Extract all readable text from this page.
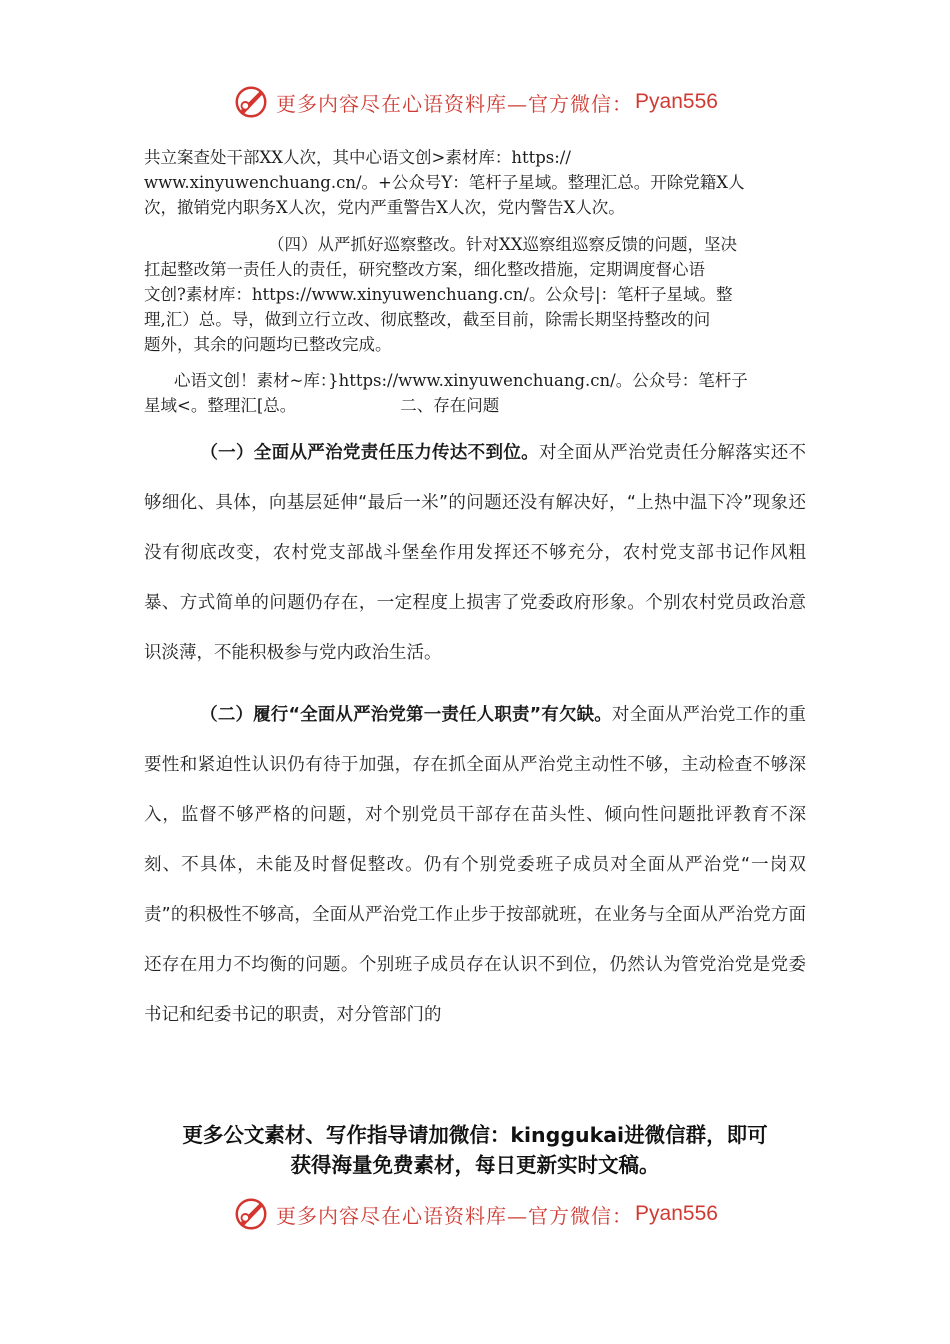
更多内容尽在心语资料库—官方微信： Pyan556
共立案查处干部XX人次，其中心语文创>素材库：https://
www.xinyuwenchuang.cn/。+公众号Y：笔杆子星域。整理汇总。开除党籍X人
次，撤销党内职务X人次，党内严重警告X人次，党内警告X人次。
（四）从严抓好巡察整改。针对XX巡察组巡察反馈的问题，坚决
扛起整改第一责任人的责任，研究整改方案，细化整改措施，定期调度督心语
文创?素材库：https://www.xinyuwenchuang.cn/。公众号|：笔杆子星域。整
理,汇）总。导，做到立行立改、彻底整改，截至目前，除需长期坚持整改的问
题外，其余的问题均已整改完成。
心语文创！素材~库：}https://www.xinyuwenchuang.cn/。公众号：笔杆子
星域<。整理汇[总。	二、存在问题

（一）全面从严治党责任压力传达不到位。对全面从严治党责任分解落实还不够细化、具体，向基层延伸“最后一米”的问题还没有解决好，“上热中温下冷”现象还没有彻底改变，农村党支部战斗堡垒作用发挥还不够充分，农村党支部书记作风粗暴、方式简单的问题仍存在，一定程度上损害了党委政府形象。个别农村党员政治意识淡薄，不能积极参与党内政治生活。

（二）履行“全面从严治党第一责任人职责”有欠缺。对全面从严治党工作的重要性和紧迫性认识仍有待于加强，存在抓全面从严治党主动性不够，主动检查不够深入，监督不够严格的问题，对个别党员干部存在苗头性、倾向性问题批评教育不深刻、不具体，未能及时督促整改。仍有个别党委班子成员对全面从严治党“一岗双责”的积极性不够高，全面从严治党工作止步于按部就班，在业务与全面从严治党方面还存在用力不均衡的问题。个别班子成员存在认识不到位，仍然认为管党治党是党委书记和纪委书记的职责，对分管部门的

更多公文素材、写作指导请加微信：kinggukai进微信群，即可
获得海量免费素材，每日更新实时文稿。
更多内容尽在心语资料库—官方微信： Pyan556
